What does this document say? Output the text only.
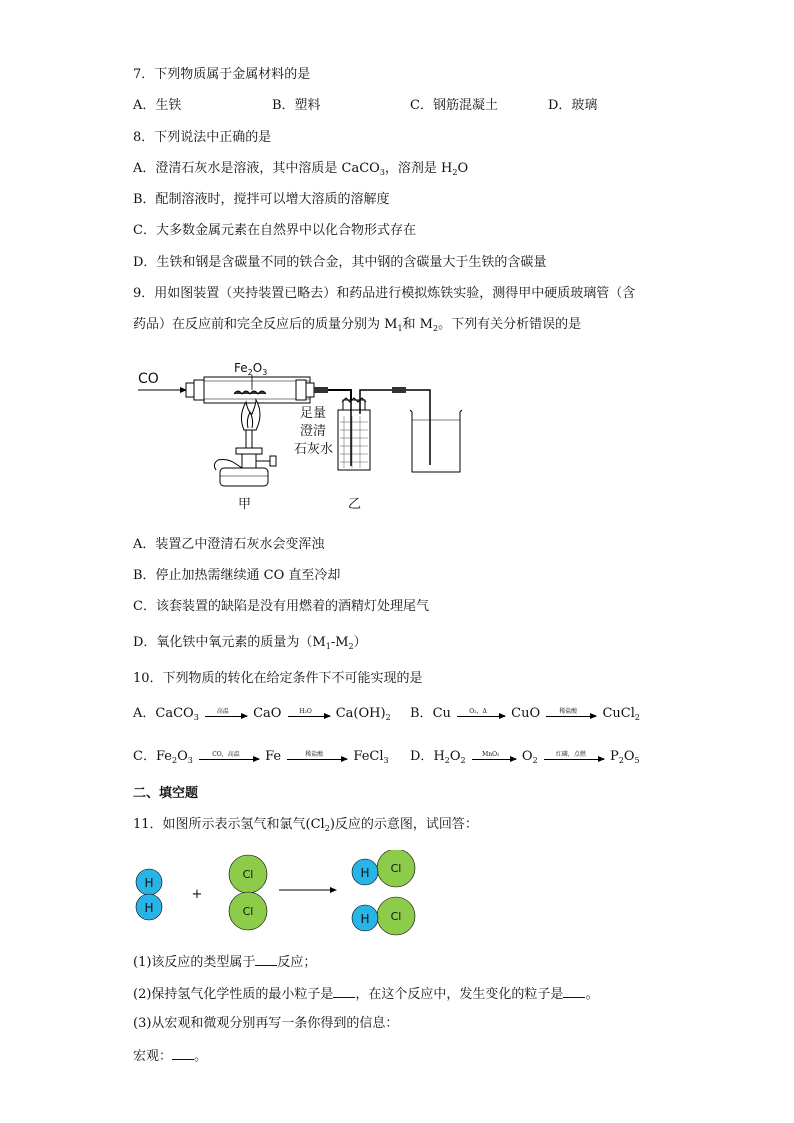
7．下列物质属于金属材料的是
A．生铁	B．塑料	C．钢筋混凝土	D．玻璃
8．下列说法中正确的是
A．澄清石灰水是溶液，其中溶质是 CaCO$_3$，溶剂是 $H_2O$
B．配制溶液时，搅拌可以增大溶质的溶解度
C．大多数金属元素在自然界中以化合物形式存在
D．生铁和钢是含碳量不同的铁合金，其中钢的含碳量大于生铁的含碳量
9．用如图装置（夹持装置已略去）和药品进行模拟炼铁实验，测得甲中硬质玻璃管（含
药品）在反应前和完全反应后的质量分别为 $M_1$和 $M_2$。下列有关分析错误的是
CO
$Fe_2O_3$
甲
足量
澄清
石灰水
乙
A．装置乙中澄清石灰水会变浑浊
B．停止加热需继续通 CO 直至冷却
C．该套装置的缺陷是没有用燃着的酒精灯处理尾气
D．氧化铁中氧元素的质量为$(M_1-M_2)$
10．下列物质的转化在给定条件下不可能实现的是
A．CaCO$_3$
高温	CaO	H₂O	$Ca(OH)_2$ B．Cu	O₂，Δ	CuO	稀盐酸	CuCl$_2$
C．$Fe_2O_3$
CO，高温	Fe	稀盐酸	FeCl$_3$ D．$H_2O_2$
MnO₂	$O_2$
红磷，点燃	$P_2O_5$
二、填空题
11．如图所示表示氢气和氯气$(Cl_2)$反应的示意图，试回答：
H
H
+
Cl
Cl
Cl
H
Cl
H
(1)该反应的类型属于 反应；
(2)保持氢气化学性质的最小粒子是 ，在这个反应中，发生变化的粒子是 。
(3)从宏观和微观分别再写一条你得到的信息：
宏观： 。
